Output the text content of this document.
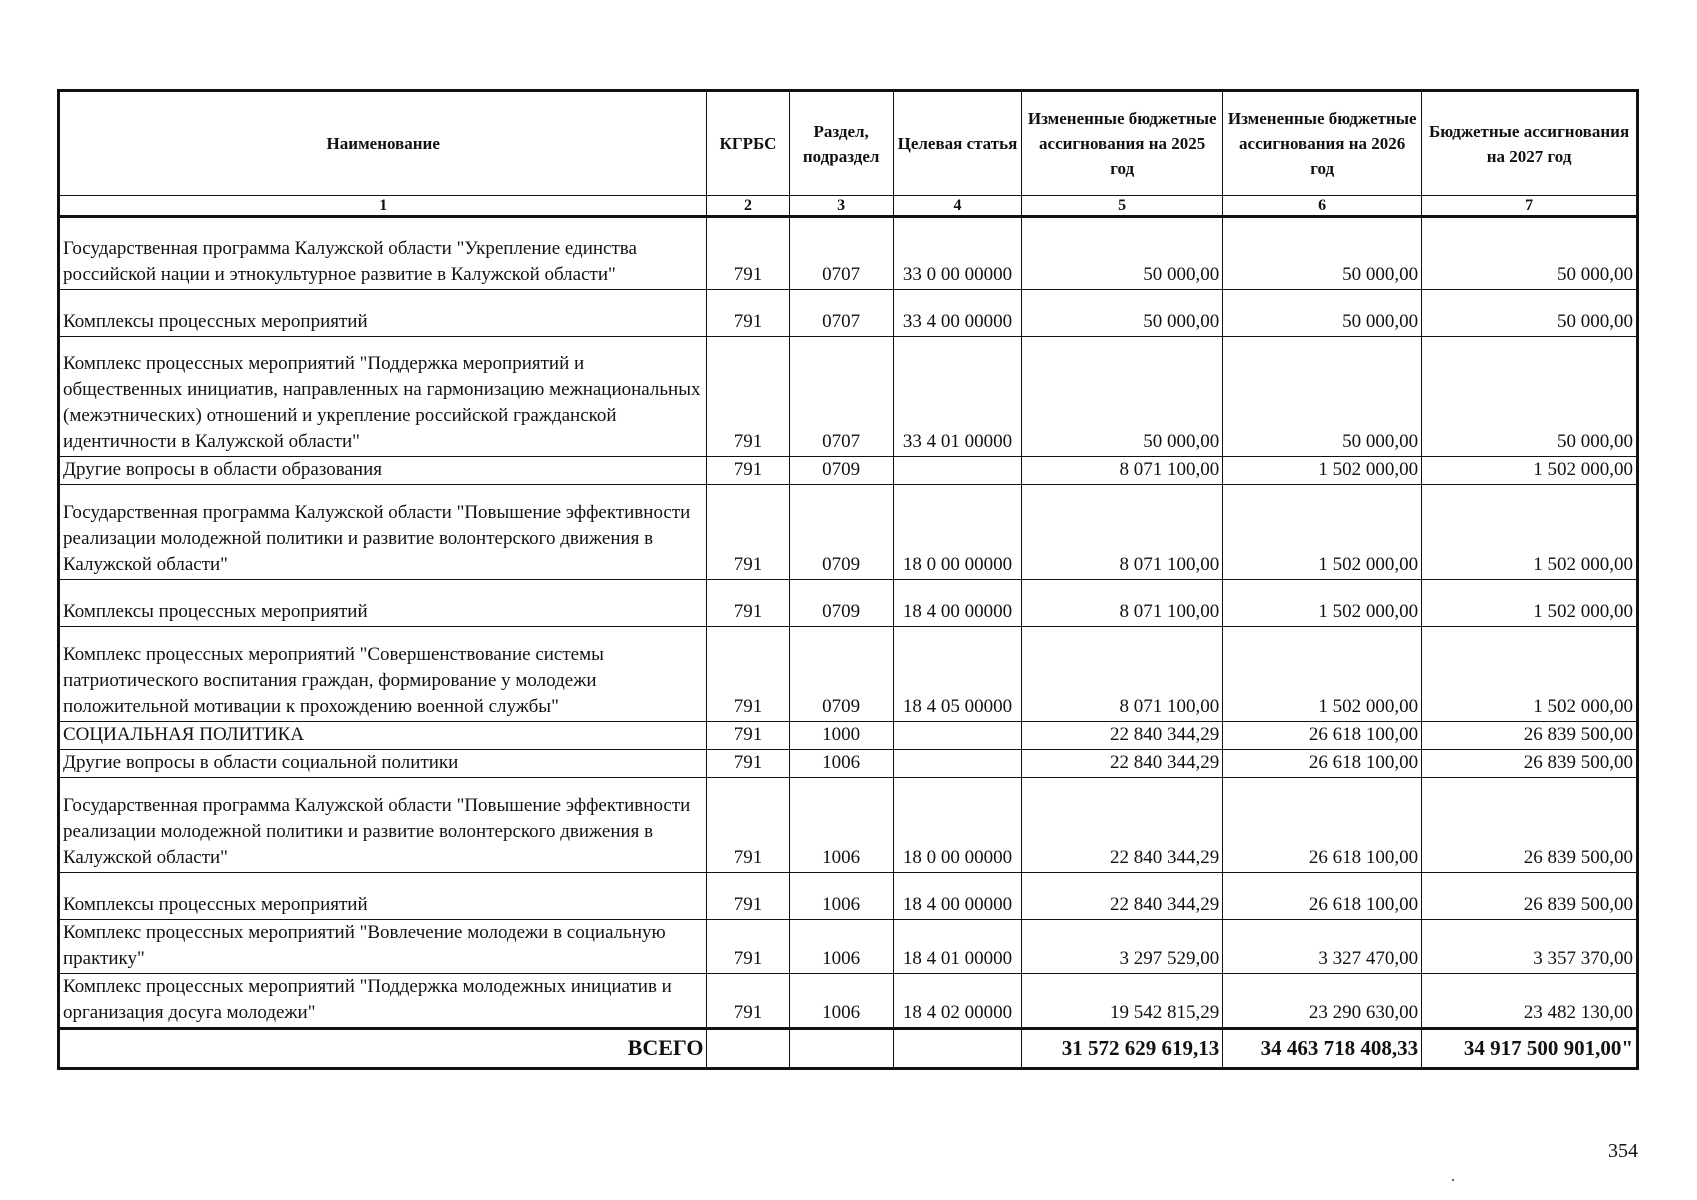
Наименование	КГРБС	Раздел, подраздел	Целевая статья	Измененные бюджетные ассигнования на 2025 год	Измененные бюджетные ассигнования на 2026 год	Бюджетные ассигнования на 2027 год
1	2	3	4	5	6	7
Государственная программа Калужской области "Укрепление единства российской нации и этнокультурное развитие в Калужской области"	791	0707	33 0 00 00000	50 000,00	50 000,00	50 000,00
Комплексы процессных мероприятий	791	0707	33 4 00 00000	50 000,00	50 000,00	50 000,00
Комплекс процессных мероприятий "Поддержка мероприятий и общественных инициатив, направленных на гармонизацию межнациональных (межэтнических) отношений и укрепление российской гражданской идентичности в Калужской области"	791	0707	33 4 01 00000	50 000,00	50 000,00	50 000,00
Другие вопросы в области образования	791	0709		8 071 100,00	1 502 000,00	1 502 000,00
Государственная программа Калужской области "Повышение эффективности реализации молодежной политики и развитие волонтерского движения в Калужской области"	791	0709	18 0 00 00000	8 071 100,00	1 502 000,00	1 502 000,00
Комплексы процессных мероприятий	791	0709	18 4 00 00000	8 071 100,00	1 502 000,00	1 502 000,00
Комплекс процессных мероприятий "Совершенствование системы патриотического воспитания граждан, формирование у молодежи положительной мотивации к прохождению военной службы"	791	0709	18 4 05 00000	8 071 100,00	1 502 000,00	1 502 000,00
СОЦИАЛЬНАЯ ПОЛИТИКА	791	1000		22 840 344,29	26 618 100,00	26 839 500,00
Другие вопросы в области социальной политики	791	1006		22 840 344,29	26 618 100,00	26 839 500,00
Государственная программа Калужской области "Повышение эффективности реализации молодежной политики и развитие волонтерского движения в Калужской области"	791	1006	18 0 00 00000	22 840 344,29	26 618 100,00	26 839 500,00
Комплексы процессных мероприятий	791	1006	18 4 00 00000	22 840 344,29	26 618 100,00	26 839 500,00
Комплекс процессных мероприятий "Вовлечение молодежи в социальную практику"	791	1006	18 4 01 00000	3 297 529,00	3 327 470,00	3 357 370,00
Комплекс процессных мероприятий "Поддержка молодежных инициатив и организация досуга молодежи"	791	1006	18 4 02 00000	19 542 815,29	23 290 630,00	23 482 130,00
ВСЕГО				31 572 629 619,13	34 463 718 408,33	34 917 500 901,00"
354
